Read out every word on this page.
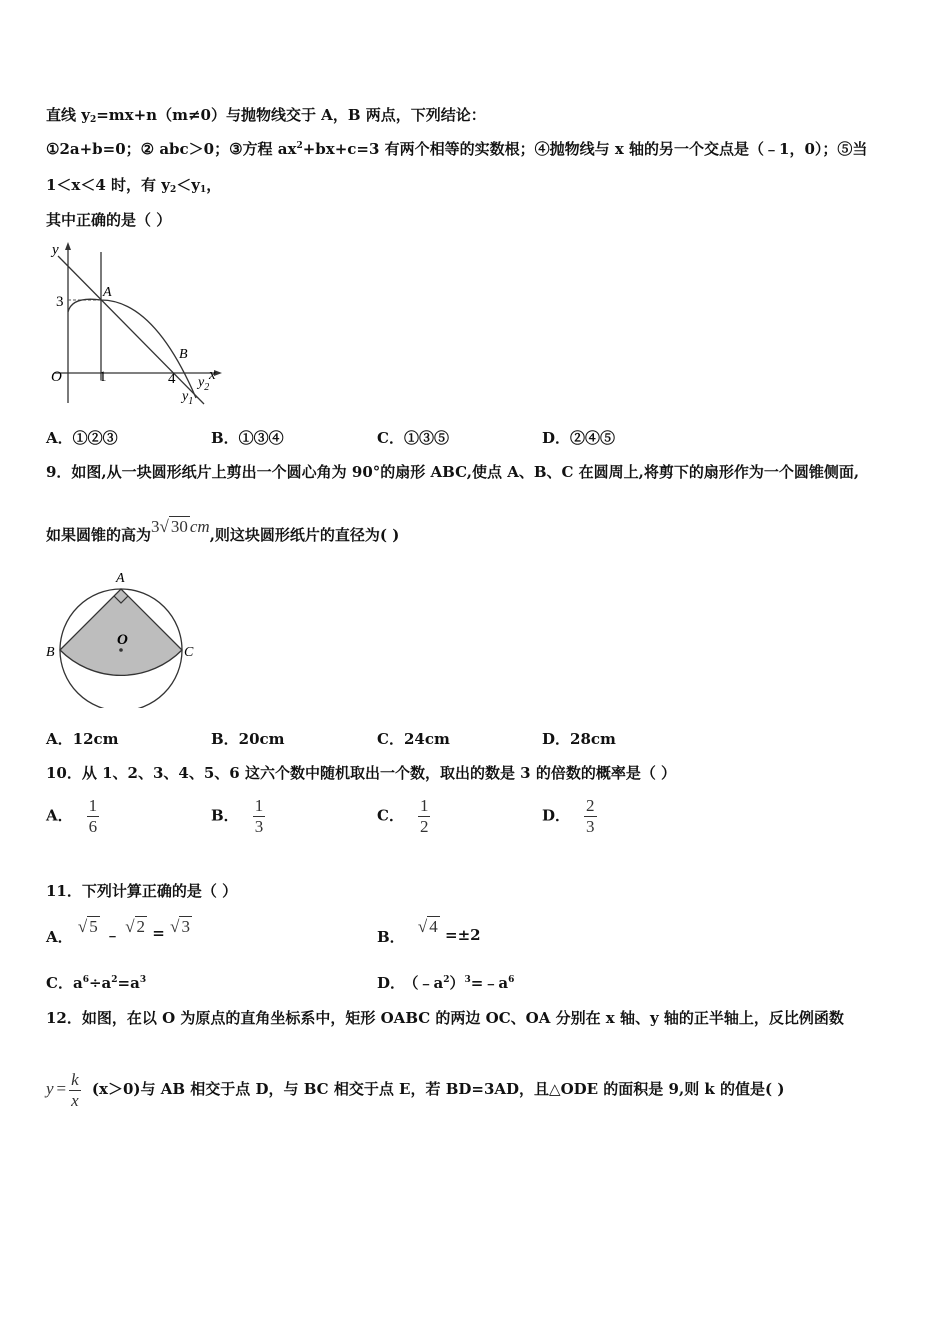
直线 $y_2=mx+n(m\ne 0)$与抛物线交于 A，B 两点，下列结论：
①2a+b=0；② abc＞0；③方程 $ax^2+bx+c=3$ 有两个相等的实数根；④抛物线与 x 轴的另一个交点是（﹣1，0）；⑤当
1＜x＜4 时，有 $y_2<y_1$，
其中正确的是（ ）
y
3
A
B
O 1	4 x
$y_2$
$y_1$
A．①②③	B．①③④	C．①③⑤	D．②④⑤
9．如图,从一块圆形纸片上剪出一个圆心角为 90°的扇形 ABC,使点 A、B、C 在圆周上,将剪下的扇形作为一个圆锥侧面,
如果圆锥的高为3√ 30 cm,则这块圆形纸片的直径为( )
A
B	C
O
A．12cm	B．20cm	C．24cm	D．28cm
10．从 1、2、3、4、5、6 这六个数中随机取出一个数，取出的数是 3 的倍数的概率是（ ）
A． $\frac{1}{6}$	B． $\frac{1}{3}$	C． $\frac{1}{2}$	D． $\frac{2}{3}$
11．下列计算正确的是（ ）
A． √ 5 ﹣ √ 2 = √ 3
B． √ 4 =±2
C．$a^6\div a^2=a^3$	D． $(﹣a^2)^3=﹣a^6$
12．如图，在以 O 为原点的直角坐标系中，矩形 OABC 的两边 OC、OA 分别在 x 轴、y 轴的正半轴上，反比例函数
$y = \frac{k}{x} (x>0)$与 AB 相交于点 D，与 BC 相交于点 E，若 BD=3AD，且△ODE 的面积是 9,则 k 的值是( )
